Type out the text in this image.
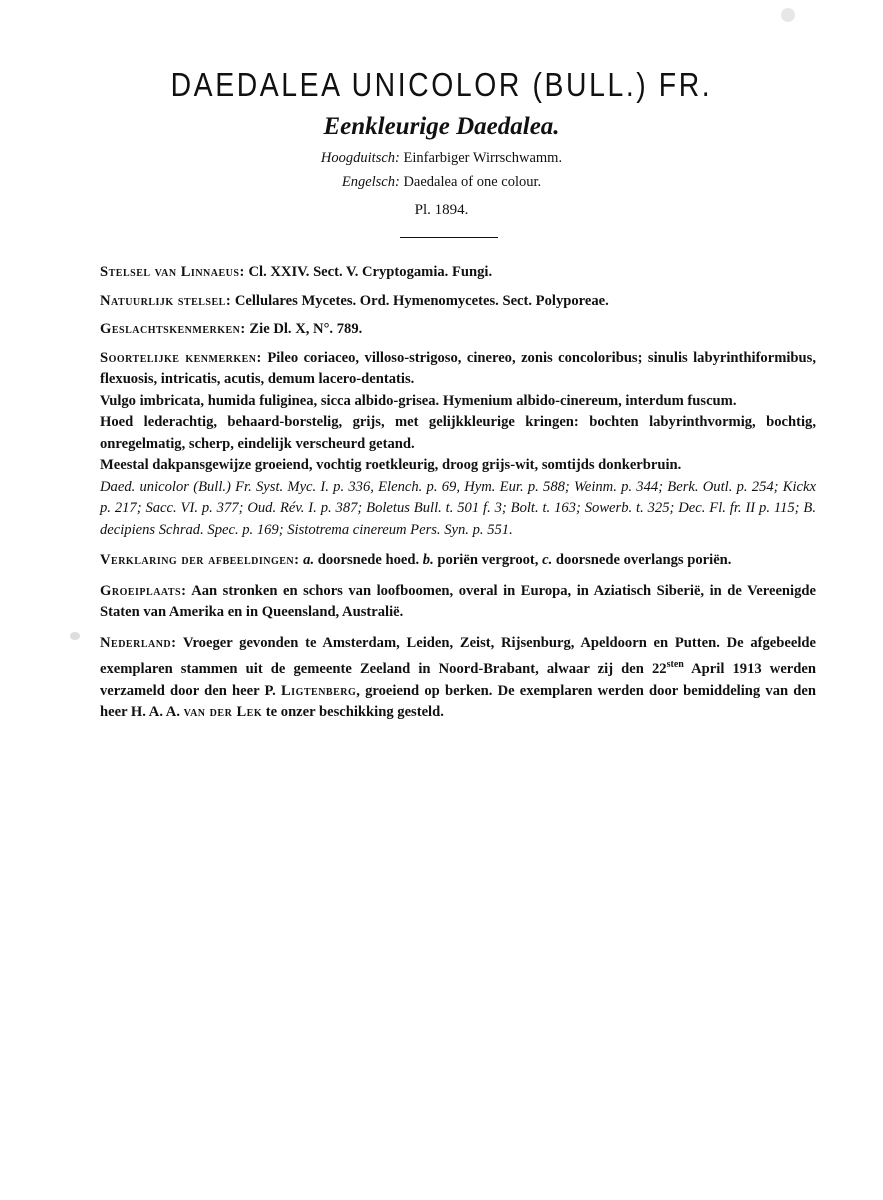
DAEDALEA UNICOLOR (BULL.) FR.
Eenkleurige Daedalea.
Hoogduitsch: Einfarbiger Wirrschwamm.
Engelsch: Daedalea of one colour.
Pl. 1894.

Stelsel van Linnaeus: Cl. XXIV. Sect. V. Cryptogamia. Fungi.

Natuurlijk stelsel: Cellulares Mycetes. Ord. Hymenomycetes. Sect. Polyporeae.

Geslachtskenmerken: Zie Dl. X, N°. 789.

Soortelijke kenmerken: Pileo coriaceo, villoso-strigoso, cinereo, zonis concoloribus; sinulis labyrinthiformibus, flexuosis, intricatis, acutis, demum lacero-dentatis.

Vulgo imbricata, humida fuliginea, sicca albido-grisea. Hymenium albido-cinereum, interdum fuscum.

Hoed lederachtig, behaard-borstelig, grijs, met gelijkkleurige kringen: bochten labyrinthvormig, bochtig, onregelmatig, scherp, eindelijk verscheurd getand.

Meestal dakpansgewijze groeiend, vochtig roetkleurig, droog grijs-wit, somtijds donkerbruin.

Daed. unicolor (Bull.) Fr. Syst. Myc. I. p. 336, Elench. p. 69, Hym. Eur. p. 588; Weinm. p. 344; Berk. Outl. p. 254; Kickx p. 217; Sacc. VI. p. 377; Oud. Rév. I. p. 387; Boletus Bull. t. 501 f. 3; Bolt. t. 163; Sowerb. t. 325; Dec. Fl. fr. II p. 115; B. decipiens Schrad. Spec. p. 169; Sistotrema cinereum Pers. Syn. p. 551.

Verklaring der afbeeldingen: a. doorsnede hoed. b. poriën vergroot, c. doorsnede overlangs poriën.

Groeiplaats: Aan stronken en schors van loofboomen, overal in Europa, in Aziatisch Siberië, in de Vereenigde Staten van Amerika en in Queensland, Australië.

Nederland: Vroeger gevonden te Amsterdam, Leiden, Zeist, Rijsenburg, Apeldoorn en Putten. De afgebeelde exemplaren stammen uit de gemeente Zeeland in Noord-Brabant, alwaar zij den $22^{sten}$ April 1913 werden verzameld door den heer P. Ligtenberg, groeiend op berken. De exemplaren werden door bemiddeling van den heer H. A. A. van der Lek te onzer beschikking gesteld.
